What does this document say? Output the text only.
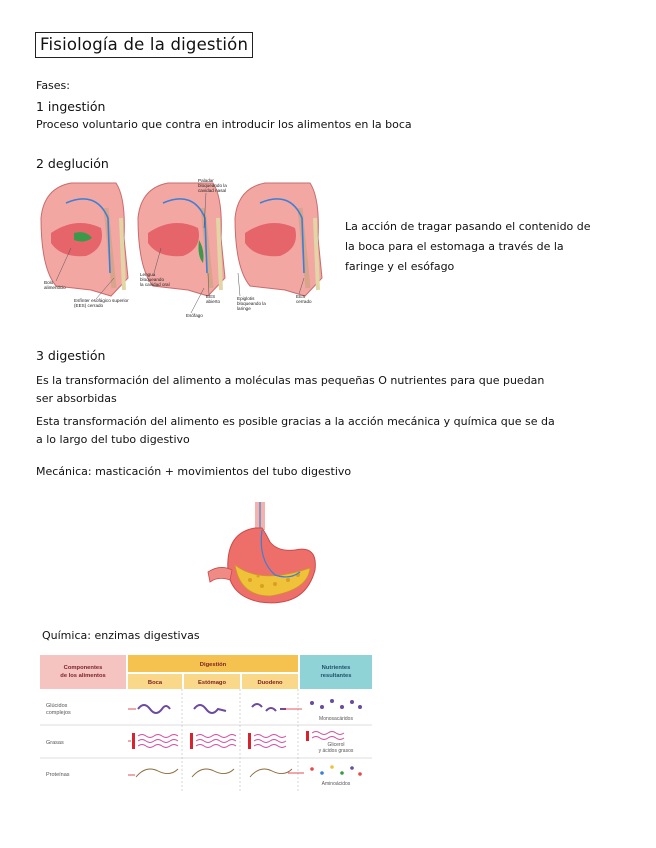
Fisiología de la digestión
Fases:
1 ingestión
Proceso voluntario que contra en introducir los alimentos en la boca
2 deglución
Bolo
alimenticio
Esfínter esofágico superior
(EES) cerrado
Paladar
bloqueando la
cavidad nasal
Lengua
bloqueando
la cavidad oral
EES
abierto
Esófago
Epiglotis
bloqueando la
laringe
EES
cerrado
La acción de tragar pasando el contenido de
la boca para el estomaga a través de la
faringe y el esófago
3 digestión
Es la transformación del alimento a moléculas mas pequeñas O nutrientes para que puedan
ser absorbidas
Esta transformación del alimento es posible gracias a la acción mecánica y química que se da
a lo largo del tubo digestivo
Mecánica: masticación + movimientos del tubo digestivo
Química: enzimas digestivas
Componentes
de los alimentos
Digestión
Boca	Estómago	Duodeno
Nutrientes
resultantes
Glúcidos
complejos
Grasas
Proteínas
Monosacáridos
Glicerol
y ácidos grasos
Aminoácidos
